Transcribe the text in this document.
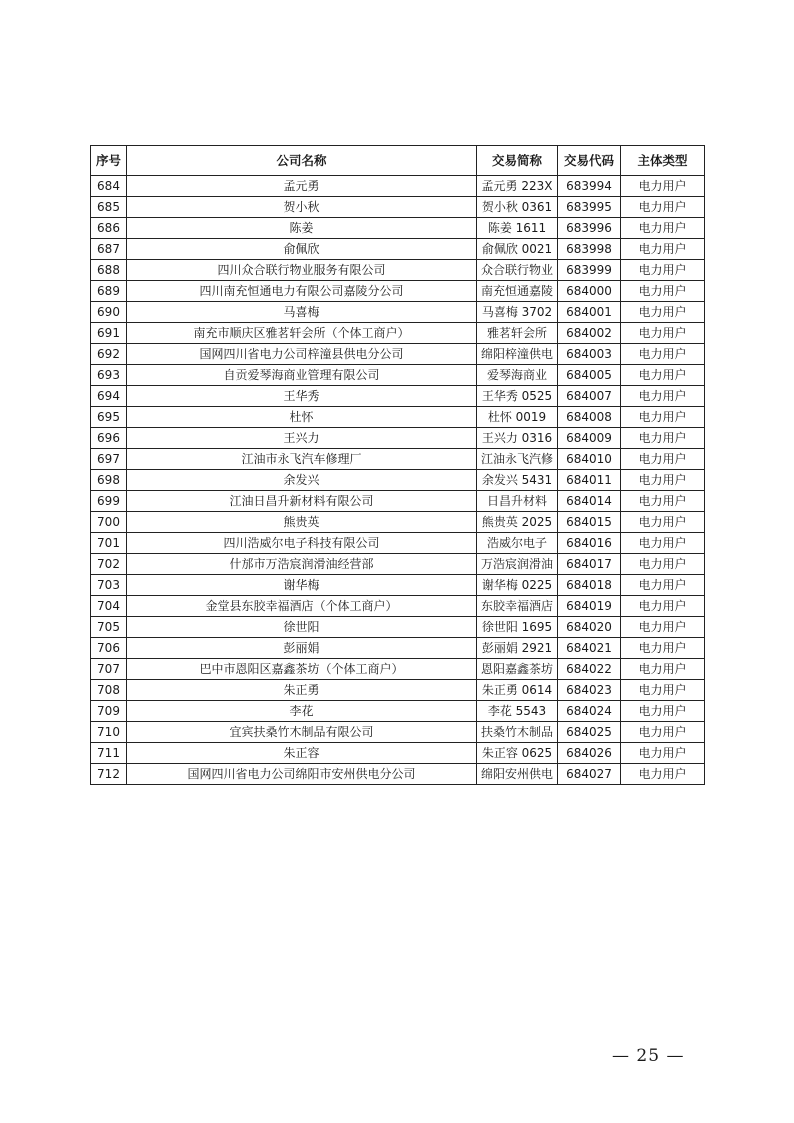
序号	公司名称	交易简称	交易代码	主体类型
684	孟元勇	孟元勇 223X	683994	电力用户
685	贺小秋	贺小秋 0361	683995	电力用户
686	陈姜	陈姜 1611	683996	电力用户
687	俞佩欣	俞佩欣 0021	683998	电力用户
688	四川众合联行物业服务有限公司	众合联行物业	683999	电力用户
689	四川南充恒通电力有限公司嘉陵分公司	南充恒通嘉陵	684000	电力用户
690	马喜梅	马喜梅 3702	684001	电力用户
691	南充市顺庆区雅茗轩会所（个体工商户）	雅茗轩会所	684002	电力用户
692	国网四川省电力公司梓潼县供电分公司	绵阳梓潼供电	684003	电力用户
693	自贡爱琴海商业管理有限公司	爱琴海商业	684005	电力用户
694	王华秀	王华秀 0525	684007	电力用户
695	杜怀	杜怀 0019	684008	电力用户
696	王兴力	王兴力 0316	684009	电力用户
697	江油市永飞汽车修理厂	江油永飞汽修	684010	电力用户
698	余发兴	余发兴 5431	684011	电力用户
699	江油日昌升新材料有限公司	日昌升材料	684014	电力用户
700	熊贵英	熊贵英 2025	684015	电力用户
701	四川浩威尔电子科技有限公司	浩威尔电子	684016	电力用户
702	什邡市万浩宸润滑油经营部	万浩宸润滑油	684017	电力用户
703	谢华梅	谢华梅 0225	684018	电力用户
704	金堂县东胶幸福酒店（个体工商户）	东胶幸福酒店	684019	电力用户
705	徐世阳	徐世阳 1695	684020	电力用户
706	彭丽娟	彭丽娟 2921	684021	电力用户
707	巴中市恩阳区嘉鑫茶坊（个体工商户）	恩阳嘉鑫茶坊	684022	电力用户
708	朱正勇	朱正勇 0614	684023	电力用户
709	李花	李花 5543	684024	电力用户
710	宜宾扶桑竹木制品有限公司	扶桑竹木制品	684025	电力用户
711	朱正容	朱正容 0625	684026	电力用户
712	国网四川省电力公司绵阳市安州供电分公司	绵阳安州供电	684027	电力用户
— 25 —
